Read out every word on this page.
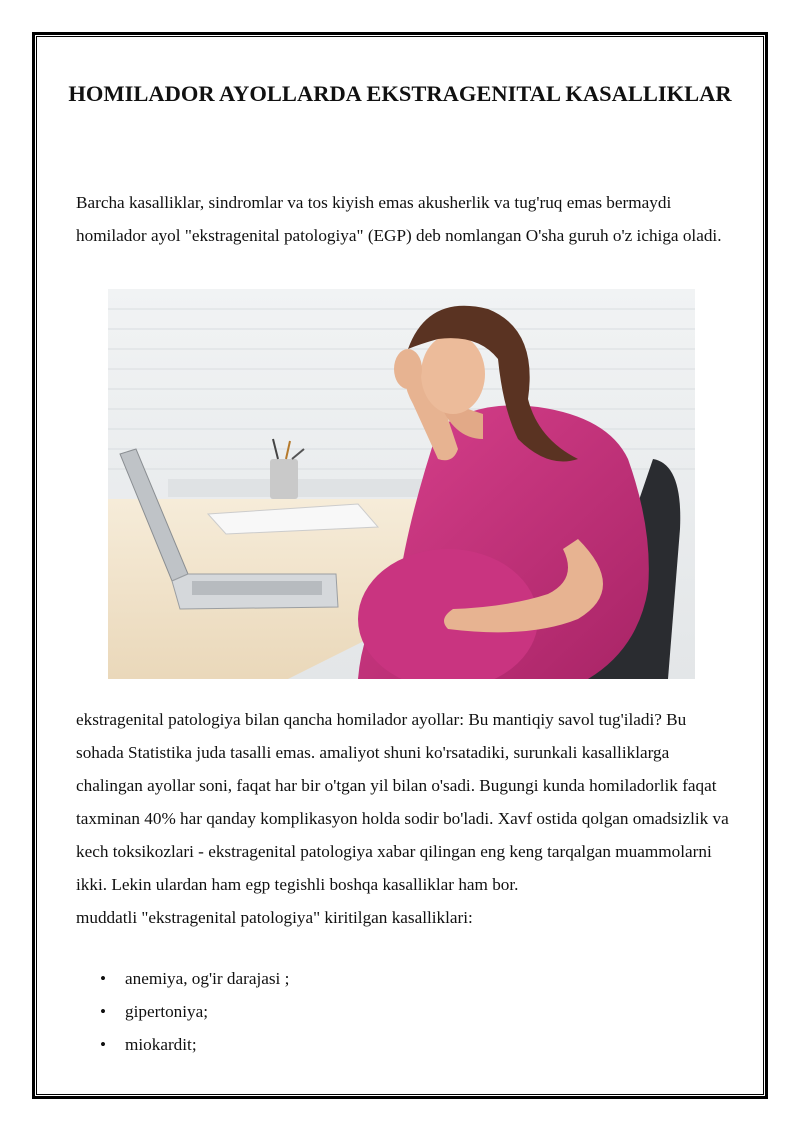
HOMILADOR AYOLLARDA EKSTRAGENITAL KASALLIKLAR

Barcha kasalliklar, sindromlar va tos kiyish emas akusherlik va tug'ruq emas bermaydi homilador ayol "ekstragenital patologiya" (EGP) deb nomlangan O'sha guruh o'z ichiga oladi.

ekstragenital patologiya bilan qancha homilador ayollar: Bu mantiqiy savol tug'iladi? Bu sohada Statistika juda tasalli emas. amaliyot shuni ko'rsatadiki, surunkali kasalliklarga chalingan ayollar soni, faqat har bir o'tgan yil bilan o'sadi. Bugungi kunda homiladorlik faqat taxminan 40% har qanday komplikasyon holda sodir bo'ladi. Xavf ostida qolgan omadsizlik va kech toksikozlari - ekstragenital patologiya xabar qilingan eng keng tarqalgan muammolarni ikki. Lekin ulardan ham egp tegishli boshqa kasalliklar ham bor.
muddatli "ekstragenital patologiya" kiritilgan kasalliklari:

• anemiya, og'ir darajasi ;
• gipertoniya;
• miokardit;
